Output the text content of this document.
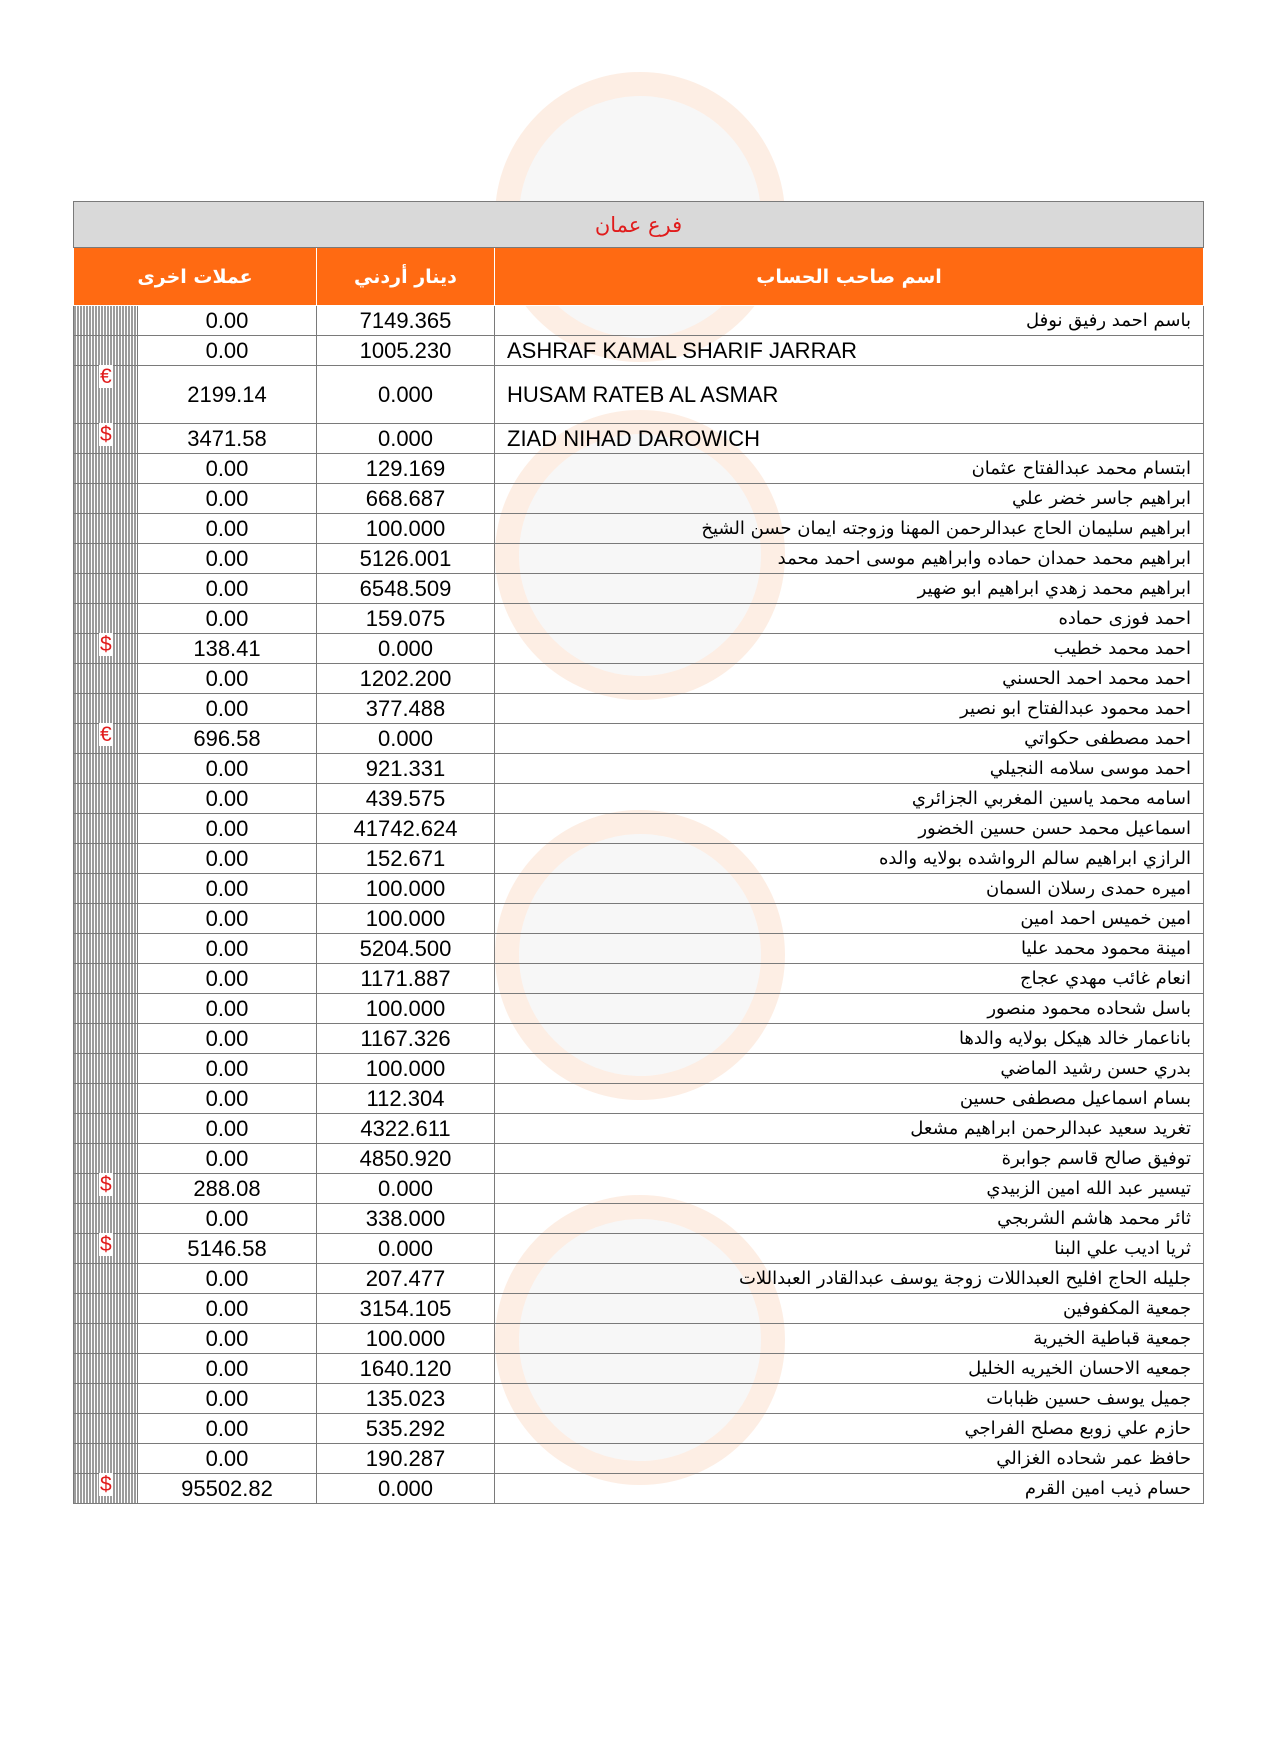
فرع عمان			
عملات اخرى		دينار أردني	اسم صاحب الحساب
	0.00	7149.365	باسم احمد رفيق نوفل
	0.00	1005.230	ASHRAF KAMAL SHARIF JARRAR
€	2199.14	0.000	HUSAM RATEB AL ASMAR
$	3471.58	0.000	ZIAD NIHAD DAROWICH
	0.00	129.169	ابتسام محمد عبدالفتاح عثمان
	0.00	668.687	ابراهيم جاسر خضر علي
	0.00	100.000	ابراهيم سليمان الحاج عبدالرحمن المهنا وزوجته ايمان حسن الشيخ
	0.00	5126.001	ابراهيم محمد حمدان حماده وابراهيم موسى احمد محمد
	0.00	6548.509	ابراهيم محمد زهدي ابراهيم ابو ضهير
	0.00	159.075	احمد فوزى حماده
$	138.41	0.000	احمد محمد خطيب
	0.00	1202.200	احمد محمد احمد الحسني
	0.00	377.488	احمد محمود عبدالفتاح ابو نصير
€	696.58	0.000	احمد مصطفى حكواتي
	0.00	921.331	احمد موسى سلامه النجيلي
	0.00	439.575	اسامه محمد ياسين المغربي الجزائري
	0.00	41742.624	اسماعيل محمد حسن حسين الخضور
	0.00	152.671	الرازي ابراهيم سالم الرواشده بولايه والده
	0.00	100.000	اميره حمدى رسلان السمان
	0.00	100.000	امين خميس احمد امين
	0.00	5204.500	امينة محمود محمد عليا
	0.00	1171.887	انعام غائب مهدي عجاج
	0.00	100.000	باسل شحاده محمود منصور
	0.00	1167.326	باناعمار خالد هيكل بولايه والدها
	0.00	100.000	بدري حسن رشيد الماضي
	0.00	112.304	بسام اسماعيل مصطفى حسين
	0.00	4322.611	تغريد سعيد عبدالرحمن ابراهيم مشعل
	0.00	4850.920	توفيق صالح قاسم جوابرة
$	288.08	0.000	تيسير عبد الله امين الزبيدي
	0.00	338.000	ثائر محمد هاشم الشربجي
$	5146.58	0.000	ثريا اديب علي البنا
	0.00	207.477	جليله الحاج افليح العبداللات زوجة يوسف عبدالقادر العبداللات
	0.00	3154.105	جمعية المكفوفين
	0.00	100.000	جمعية قباطية الخيرية
	0.00	1640.120	جمعيه الاحسان الخيريه الخليل
	0.00	135.023	جميل يوسف حسين ظبابات
	0.00	535.292	حازم علي زوبع مصلح الفراجي
	0.00	190.287	حافظ عمر شحاده الغزالي
$	95502.82	0.000	حسام ذيب امين القرم
